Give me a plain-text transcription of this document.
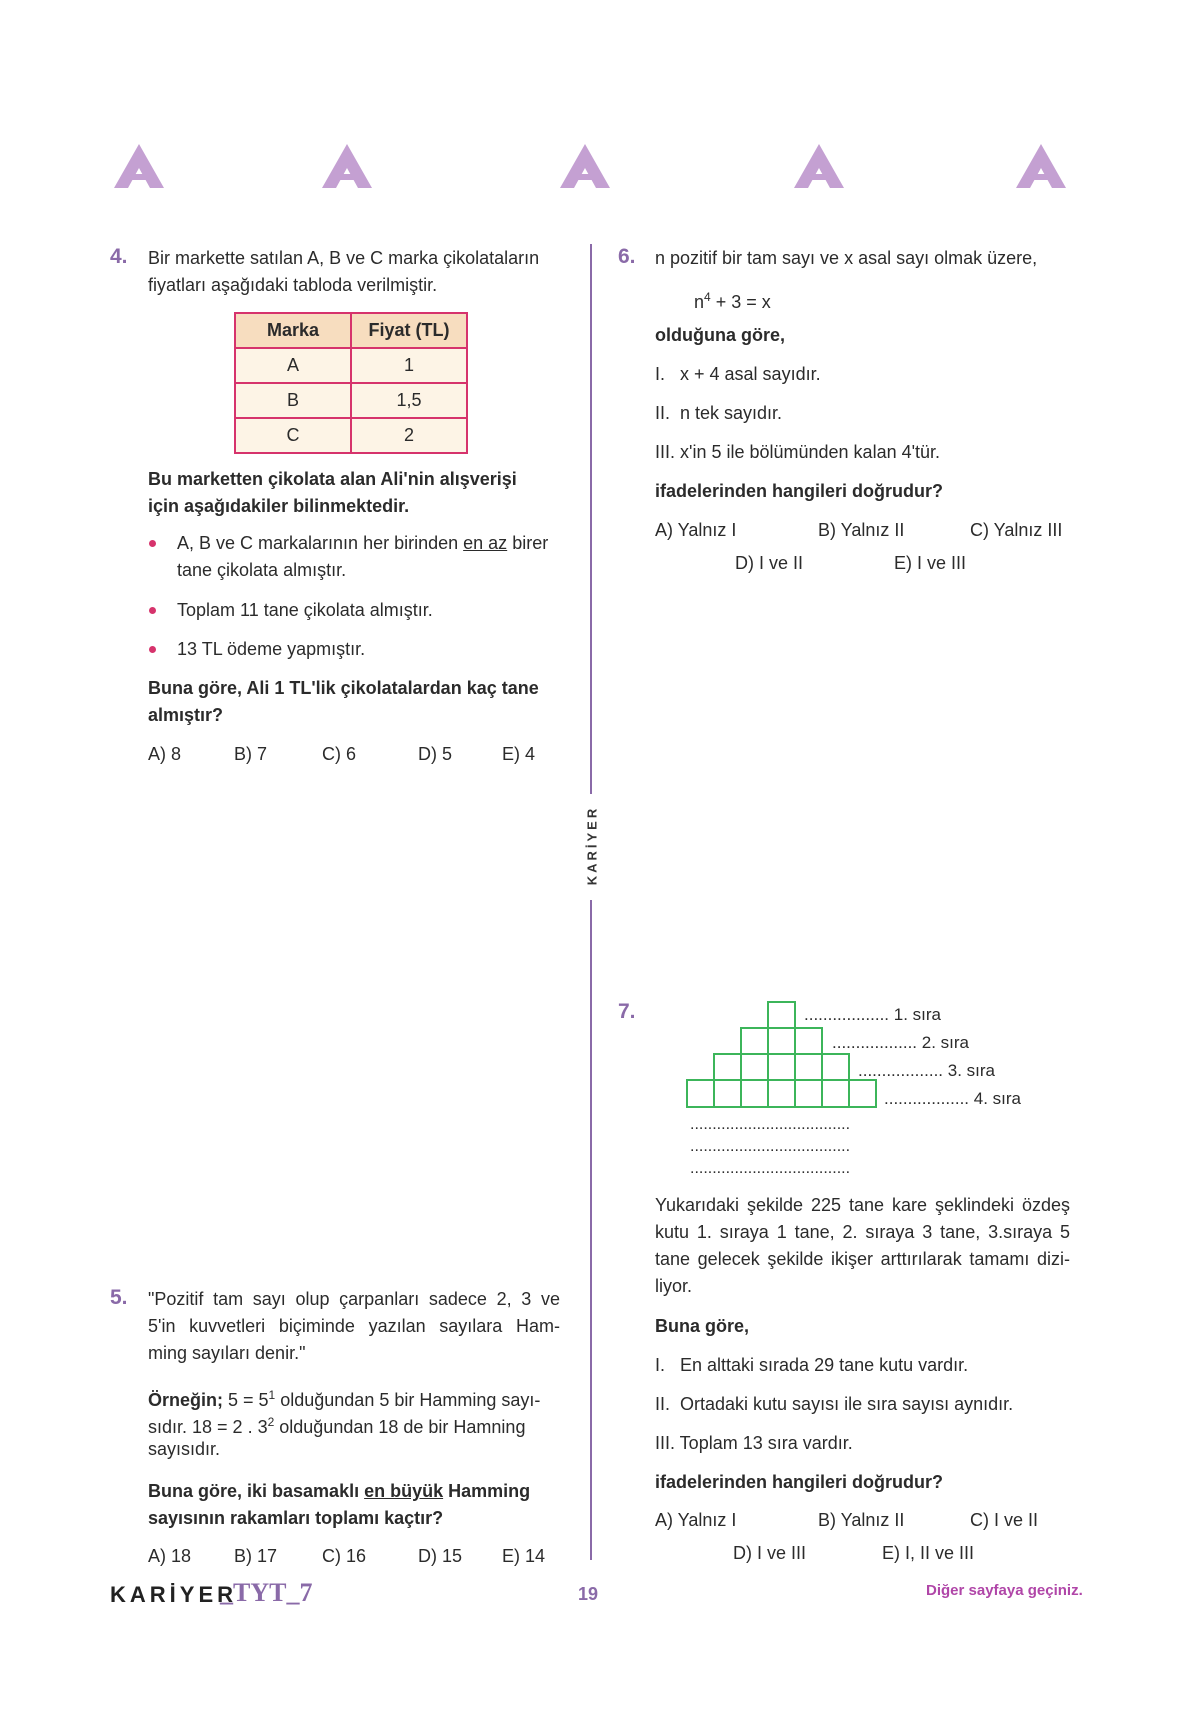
KARİYER
4. Bir markette satılan A, B ve C marka çikolataların
fiyatları aşağıdaki tabloda verilmiştir.
Marka	Fiyat (TL)
A	1
B	1,5
C	2
Bu marketten çikolata alan Ali'nin alışverişi
için aşağıdakiler bilinmektedir.
A, B ve C markalarının her birinden en az birer
tane çikolata almıştır.
Toplam 11 tane çikolata almıştır.
13 TL ödeme yapmıştır.
Buna göre, Ali 1 TL'lik çikolatalardan kaç tane
almıştır?
A) 8	B) 7	C) 6	D) 5	E) 4
5. "Pozitif tam sayı olup çarpanları sadece 2, 3 ve
5'in kuvvetleri biçiminde yazılan sayılara Ham-
ming sayıları denir."
Örneğin; $5 = 5^1$ olduğundan 5 bir Hamming sayı-
sıdır. 18 = 2 . $3^2$ olduğundan 18 de bir Hamning
sayısıdır.
Buna göre, iki basamaklı en büyük Hamming
sayısının rakamları toplamı kaçtır?
A) 18 B) 17 C) 16	D) 15 E) 14
6. n pozitif bir tam sayı ve x asal sayı olmak üzere,
$n^4 + 3 = x$
olduğuna göre,
I.   x + 4 asal sayıdır.
II.  n tek sayıdır.
III. x'in 5 ile bölümünden kalan 4'tür.
ifadelerinden hangileri doğrudur?
A) Yalnız I	B) Yalnız II	C) Yalnız III
D) I ve II	E) I ve III
7.	.................. 1. sıra
.................. 2. sıra
.................. 3. sıra
.................. 4. sıra
....................................
....................................
....................................
Yukarıdaki şekilde 225 tane kare şeklindeki özdeş
kutu 1. sıraya 1 tane, 2. sıraya 3 tane, 3.sıraya 5
tane gelecek şekilde ikişer arttırılarak tamamı dizi-
liyor.
Buna göre,
I.   En alttaki sırada 29 tane kutu vardır.
II.  Ortadaki kutu sayısı ile sıra sayısı aynıdır.
III. Toplam 13 sıra vardır.
ifadelerinden hangileri doğrudur?
A) Yalnız I	B) Yalnız II	C) I ve II
D) I ve III	E) I, II ve III
KARİYER
_TYT_7	19	Diğer sayfaya geçiniz.
